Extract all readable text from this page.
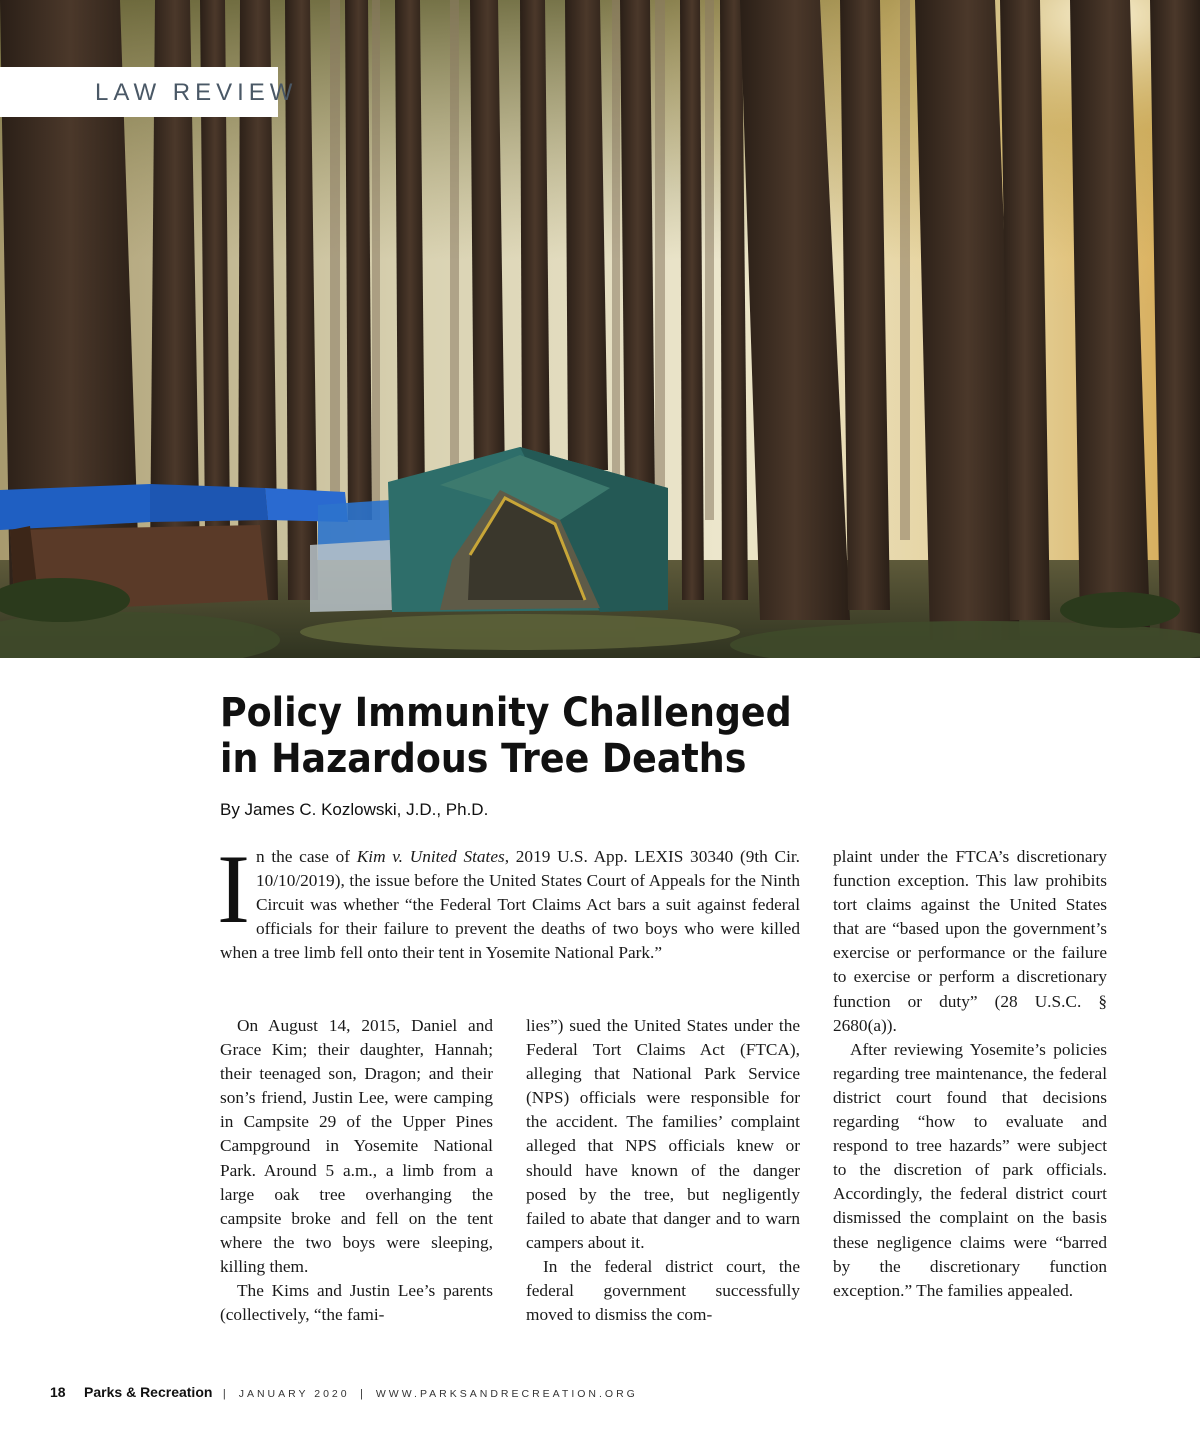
LAW REVIEW
Policy Immunity Challenged
in Hazardous Tree Deaths
By James C. Kozlowski, J.D., Ph.D.
In the case of Kim v. United States, 2019 U.S. App. LEXIS 30340 (9th Cir. 10/10/2019), the issue before the United States Court of Appeals for the Ninth Circuit was whether “the Federal Tort Claims Act bars a suit against federal officials for their failure to prevent the deaths of two boys who were killed when a tree limb fell onto their tent in Yosemite National Park.”

On August 14, 2015, Daniel and Grace Kim; their daughter, Hannah; their teenaged son, Dragon; and their son’s friend, Justin Lee, were camping in Campsite 29 of the Upper Pines Campground in Yosemite National Park. Around 5 a.m., a limb from a large oak tree overhanging the campsite broke and fell on the tent where the two boys were sleeping, killing them.

The Kims and Justin Lee’s parents (collectively, “the fami-

lies”) sued the United States under the Federal Tort Claims Act (FTCA), alleging that National Park Service (NPS) officials were responsible for the accident. The families’ complaint alleged that NPS officials knew or should have known of the danger posed by the tree, but negligently failed to abate that danger and to warn campers about it.

In the federal district court, the federal government successfully moved to dismiss the com-

plaint under the FTCA’s discretionary function exception. This law prohibits tort claims against the United States that are “based upon the government’s exercise or performance or the failure to exercise or perform a discretionary function or duty” (28 U.S.C. § 2680(a)).

After reviewing Yosemite’s policies regarding tree maintenance, the federal district court found that decisions regarding “how to evaluate and respond to tree hazards” were subject to the discretion of park officials. Accordingly, the federal district court dismissed the complaint on the basis these negligence claims were “barred by the discretionary function exception.” The families appealed.

18 Parks & Recreation | JANUARY 2020 | WWW.PARKSANDRECREATION.ORG
